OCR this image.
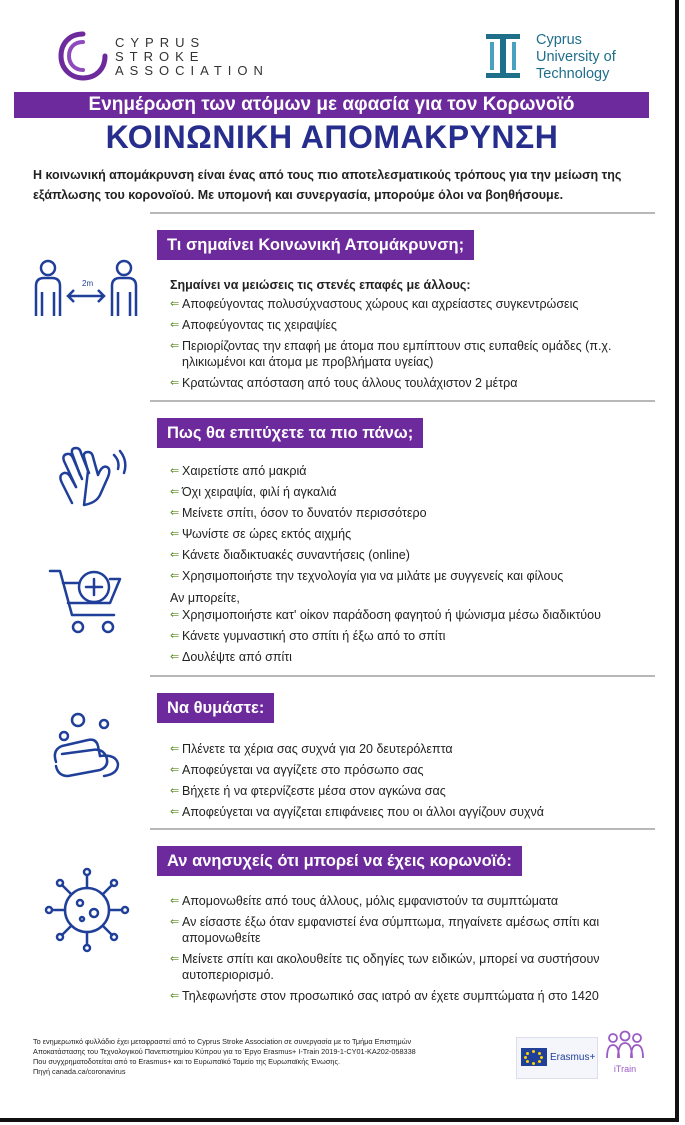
CYPRUS
STROKE
ASSOCIATION
Cyprus
University of
Technology
Ενημέρωση των ατόμων με αφασία για τον Κορωνοϊό
ΚΟΙΝΩΝΙΚΗ ΑΠΟΜΑΚΡΥΝΣΗ
Η κοινωνική απομάκρυνση είναι ένας από τους πιο αποτελεσματικούς τρόπους για την μείωση της εξάπλωσης του κορονοϊού. Με υπομονή και συνεργασία, μπορούμε όλοι να βοηθήσουμε.
Τι σημαίνει Κοινωνική Απομάκρυνση;
2m	Σημαίνει να μειώσεις τις στενές επαφές με άλλους:
⇐ Αποφεύγοντας πολυσύχναστους χώρους και αχρείαστες συγκεντρώσεις
⇐ Αποφεύγοντας τις χειραψίες
⇐ Περιορίζοντας την επαφή με άτομα που εμπίπτουν στις ευπαθείς ομάδες (π.χ. ηλικιωμένοι και άτομα με προβλήματα υγείας)
⇐ Κρατώντας απόσταση από τους άλλους τουλάχιστον 2 μέτρα
Πως θα επιτύχετε τα πιο πάνω;
⇐ Χαιρετίστε από μακριά
⇐ Όχι χειραψία, φιλί ή αγκαλιά
⇐ Μείνετε σπίτι, όσον το δυνατόν περισσότερο
⇐ Ψωνίστε σε ώρες εκτός αιχμής
⇐ Κάνετε διαδικτυακές συναντήσεις (online)
⇐ Χρησιμοποιήστε την τεχνολογία για να μιλάτε με συγγενείς και φίλους
Αν μπορείτε,
⇐ Χρησιμοποιήστε κατ' οίκον παράδοση φαγητού ή ψώνισμα μέσω διαδικτύου
⇐ Κάνετε γυμναστική στο σπίτι ή έξω από το σπίτι
⇐ Δουλέψτε από σπίτι
Να θυμάστε:
⇐ Πλένετε τα χέρια σας συχνά για 20 δευτερόλεπτα
⇐ Αποφεύγεται να αγγίζετε στο πρόσωπο σας
⇐ Βήχετε ή να φτερνίζεστε μέσα στον αγκώνα σας
⇐ Αποφεύγεται να αγγίζεται επιφάνειες που οι άλλοι αγγίζουν συχνά
Αν ανησυχείς ότι μπορεί να έχεις κορωνοϊό:
⇐ Απομονωθείτε από τους άλλους, μόλις εμφανιστούν τα συμπτώματα
⇐ Αν είσαστε έξω όταν εμφανιστεί ένα σύμπτωμα, πηγαίνετε αμέσως σπίτι και απομονωθείτε
⇐ Μείνετε σπίτι και ακολουθείτε τις οδηγίες των ειδικών, μπορεί να συστήσουν αυτοπεριορισμό.
⇐ Τηλεφωνήστε στον προσωπικό σας ιατρό αν έχετε συμπτώματα ή στο 1420
Το ενημερωτικό φυλλάδιο έχει μεταφραστεί από το Cyprus Stroke Association σε συνεργασία με το Τμήμα Επιστημών
Αποκατάστασης του Τεχνολογικού Πανεπιστημίου Κύπρου για το Έργο Erasmus+ I-Train 2019-1-CY01-KA202-058338
Που συγχρηματοδοτείται από το Erasmus+ και το Ευρωπαϊκό Ταμείο της Ευρωπαϊκής Ένωσης.
Πηγή canada.ca/coronavirus
Erasmus+
iTrain
